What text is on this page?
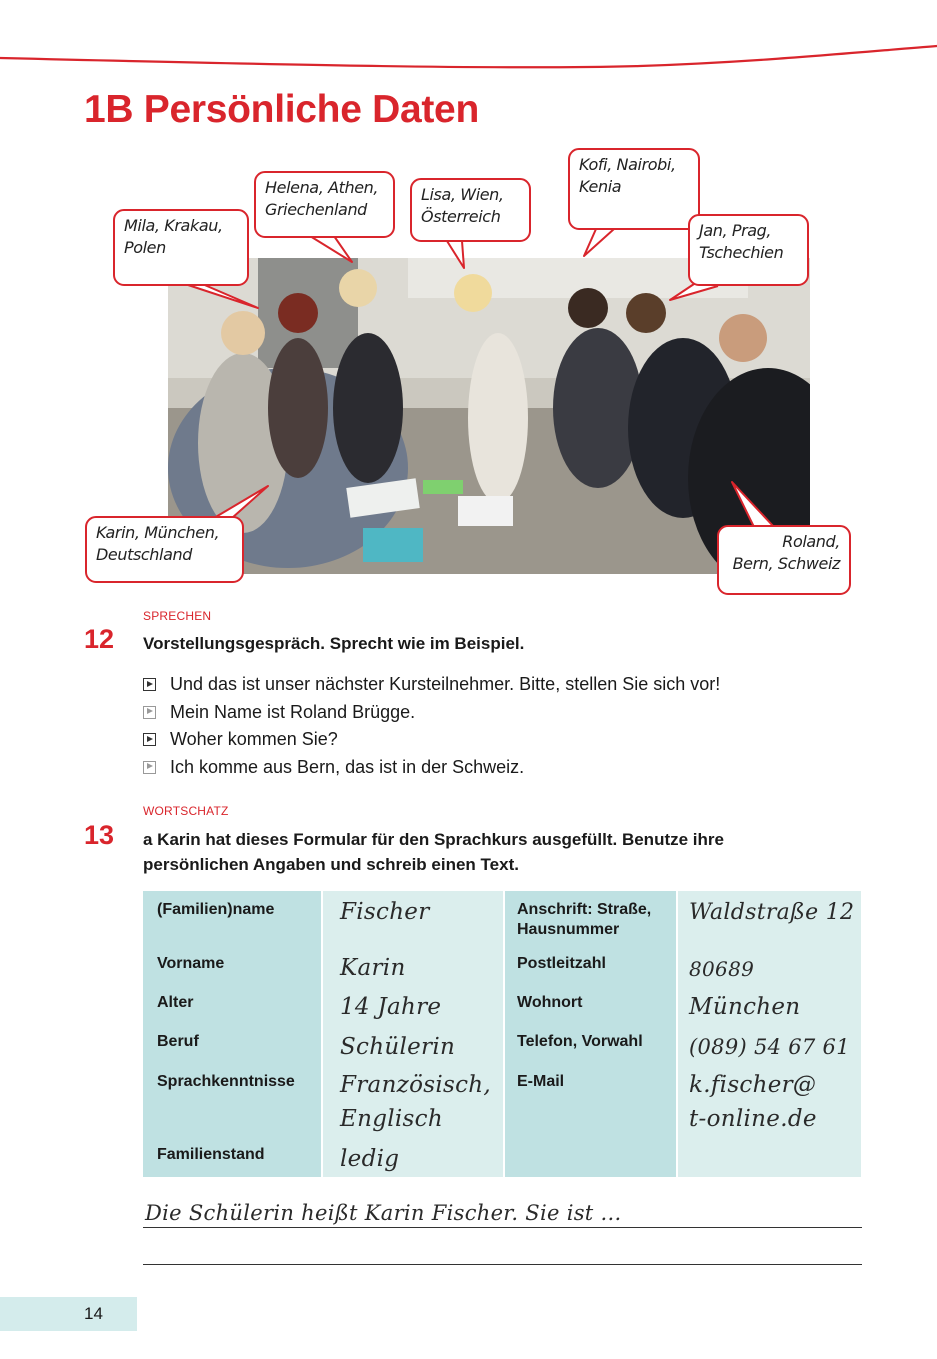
1B Persönliche Daten
Mila, Krakau,
Polen
Helena, Athen,
Griechenland
Lisa, Wien,
Österreich
Kofi, Nairobi,
Kenia
Jan, Prag,
Tschechien
Karin, München,
Deutschland
Roland,
Bern, Schweiz
SPRECHEN
12 Vorstellungsgespräch. Sprecht wie im Beispiel.
Und das ist unser nächster Kursteilnehmer. Bitte, stellen Sie sich vor!
Mein Name ist Roland Brügge.
Woher kommen Sie?
Ich komme aus Bern, das ist in der Schweiz.
WORTSCHATZ
13 a Karin hat dieses Formular für den Sprachkurs ausgefüllt. Benutze ihre
persönlichen Angaben und schreib einen Text.
(Familien)name
Vorname
Alter
Beruf
Sprachkenntnisse
Familienstand
Fischer
Karin
14 Jahre
Schülerin
Französisch,
Englisch
ledig
Anschrift: Straße,
Hausnummer
Postleitzahl
Wohnort
Telefon, Vorwahl
E-Mail
Waldstraße 12
80689
München
(089) 54 67 61
k.fischer@
t-online.de
Die Schülerin heißt Karin Fischer. Sie ist ...
14
